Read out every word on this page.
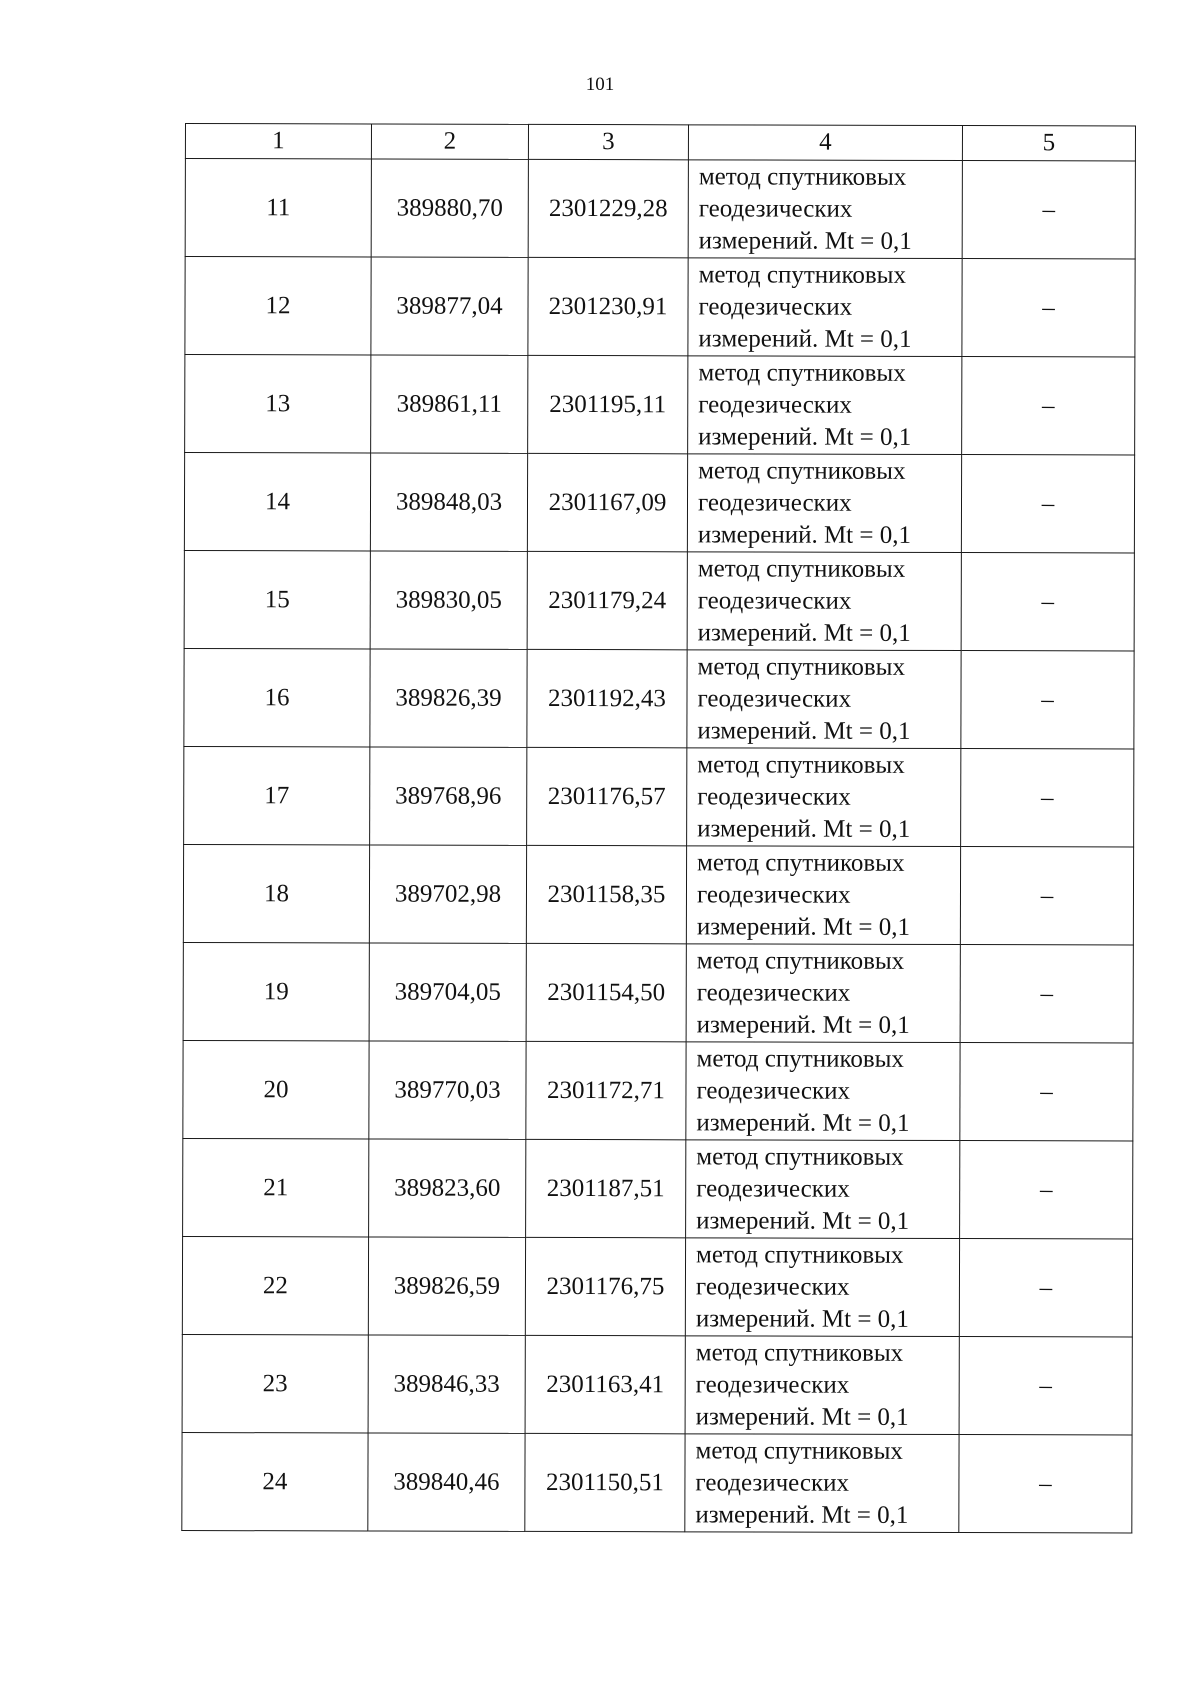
101
1	2	3	4	5
11	389880,70	2301229,28	метод спутниковых
геодезических
измерений. Mt = 0,1	–
12	389877,04	2301230,91	метод спутниковых
геодезических
измерений. Mt = 0,1	–
13	389861,11	2301195,11	метод спутниковых
геодезических
измерений. Mt = 0,1	–
14	389848,03	2301167,09	метод спутниковых
геодезических
измерений. Mt = 0,1	–
15	389830,05	2301179,24	метод спутниковых
геодезических
измерений. Mt = 0,1	–
16	389826,39	2301192,43	метод спутниковых
геодезических
измерений. Mt = 0,1	–
17	389768,96	2301176,57	метод спутниковых
геодезических
измерений. Mt = 0,1	–
18	389702,98	2301158,35	метод спутниковых
геодезических
измерений. Mt = 0,1	–
19	389704,05	2301154,50	метод спутниковых
геодезических
измерений. Mt = 0,1	–
20	389770,03	2301172,71	метод спутниковых
геодезических
измерений. Mt = 0,1	–
21	389823,60	2301187,51	метод спутниковых
геодезических
измерений. Mt = 0,1	–
22	389826,59	2301176,75	метод спутниковых
геодезических
измерений. Mt = 0,1	–
23	389846,33	2301163,41	метод спутниковых
геодезических
измерений. Mt = 0,1	–
24	389840,46	2301150,51	метод спутниковых
геодезических
измерений. Mt = 0,1	–
